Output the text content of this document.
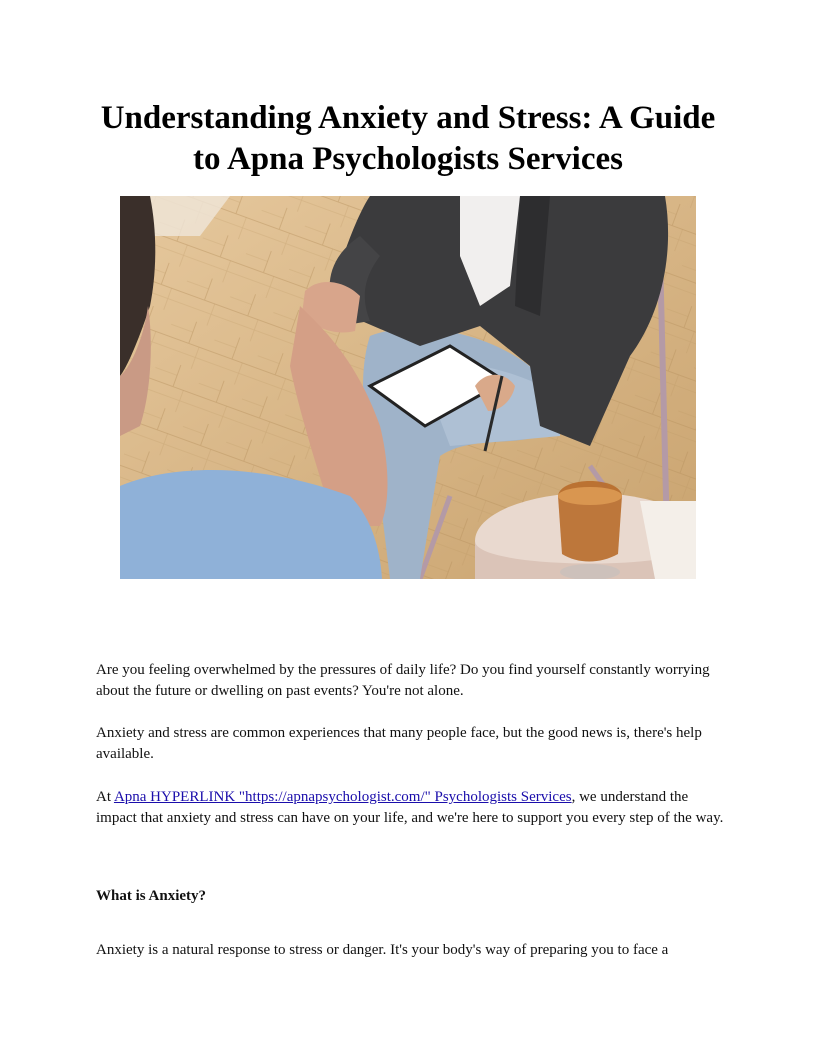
Understanding Anxiety and Stress: A Guide to Apna Psychologists Services

Are you feeling overwhelmed by the pressures of daily life? Do you find yourself constantly worrying about the future or dwelling on past events? You're not alone.

Anxiety and stress are common experiences that many people face, but the good news is, there's help available.

At Apna HYPERLINK "https://apnapsychologist.com/" Psychologists Services, we understand the impact that anxiety and stress can have on your life, and we're here to support you every step of the way.

What is Anxiety?

Anxiety is a natural response to stress or danger. It's your body's way of preparing you to face a
